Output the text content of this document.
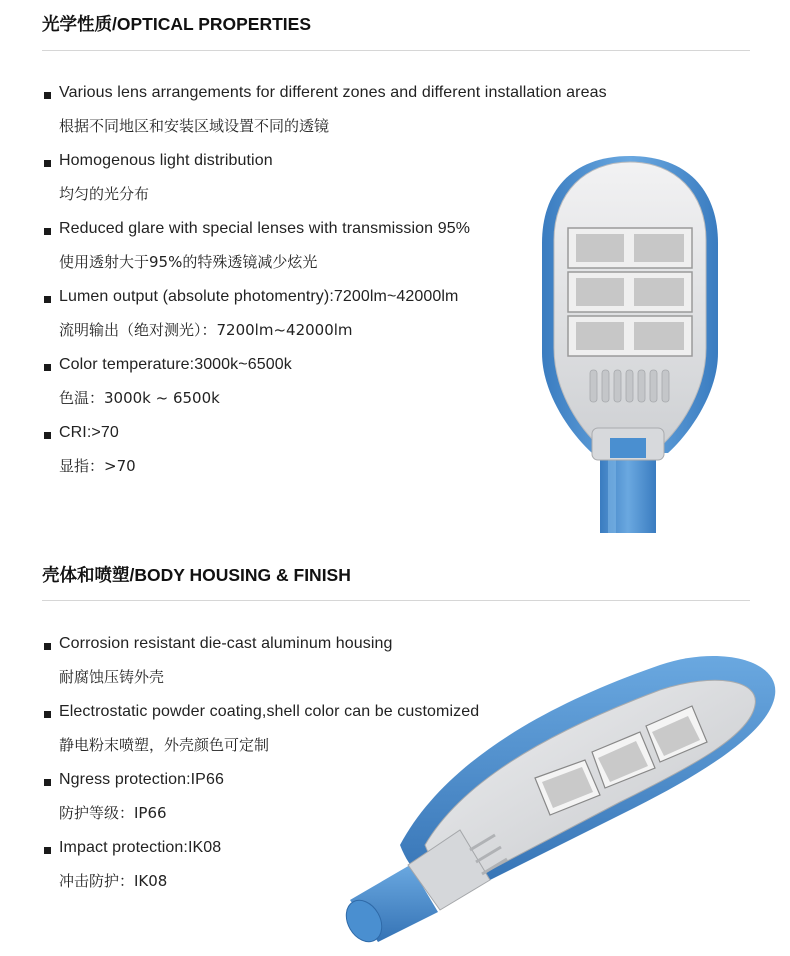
光学性质/OPTICAL PROPERTIES
Various lens arrangements for different zones and different installation areas
根据不同地区和安装区域设置不同的透镜
Homogenous light distribution
均匀的光分布
Reduced glare with special lenses with transmission 95%
使用透射大于95%的特殊透镜减少炫光
Lumen output (absolute photomentry):7200lm~42000lm
流明输出（绝对测光）：7200lm~42000lm
Color temperature:3000k~6500k
色温：3000k ~ 6500k
CRI:>70
显指：>70
壳体和喷塑/BODY HOUSING & FINISH
Corrosion resistant die-cast aluminum housing
耐腐蚀压铸外壳
Electrostatic powder coating,shell color can be customized
静电粉末喷塑，外壳颜色可定制
Ngress protection:IP66
防护等级：IP66
Impact protection:IK08
冲击防护：IK08
